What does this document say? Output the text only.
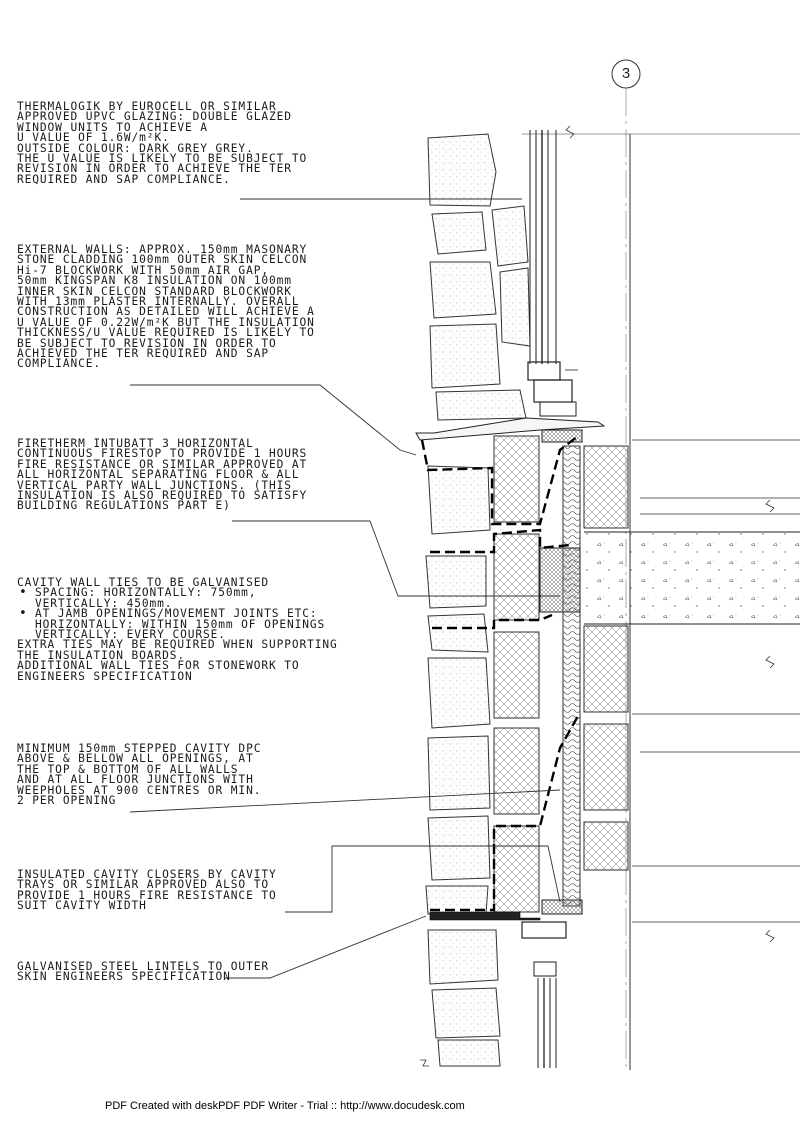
3

THERMALOGIK BY EUROCELL OR SIMILAR
APPROVED UPVC GLAZING: DOUBLE GLAZED
WINDOW UNITS TO ACHIEVE A
U VALUE OF 1.6W/m²K.
OUTSIDE COLOUR: DARK GREY GREY.
THE U VALUE IS LIKELY TO BE SUBJECT TO
REVISION IN ORDER TO ACHIEVE THE TER
REQUIRED AND SAP COMPLIANCE.

EXTERNAL WALLS: APPROX. 150mm MASONARY
STONE CLADDING 100mm OUTER SKIN CELCON
Hi-7 BLOCKWORK WITH 50mm AIR GAP,
50mm KINGSPAN K8 INSULATION ON 100mm
INNER SKIN CELCON STANDARD BLOCKWORK
WITH 13mm PLASTER INTERNALLY. OVERALL
CONSTRUCTION AS DETAILED WILL ACHIEVE A
U VALUE OF 0.22W/m²K BUT THE INSULATION
THICKNESS/U VALUE REQUIRED IS LIKELY TO
BE SUBJECT TO REVISION IN ORDER TO
ACHIEVED THE TER REQUIRED AND SAP
COMPLIANCE.

FIRETHERM INTUBATT 3 HORIZONTAL
CONTINUOUS FIRESTOP TO PROVIDE 1 HOURS
FIRE RESISTANCE OR SIMILAR APPROVED AT
ALL HORIZONTAL SEPARATING FLOOR & ALL
VERTICAL PARTY WALL JUNCTIONS. (THIS
INSULATION IS ALSO REQUIRED TO SATISFY
BUILDING REGULATIONS PART E)

CAVITY WALL TIES TO BE GALVANISED
• SPACING: HORIZONTALLY: 750mm,
VERTICALLY: 450mm.
• AT JAMB OPENINGS/MOVEMENT JOINTS ETC:
HORIZONTALLY: WITHIN 150mm OF OPENINGS
VERTICALLY: EVERY COURSE.
EXTRA TIES MAY BE REQUIRED WHEN SUPPORTING
THE INSULATION BOARDS.
ADDITIONAL WALL TIES FOR STONEWORK TO
ENGINEERS SPECIFICATION

MINIMUM 150mm STEPPED CAVITY DPC
ABOVE & BELLOW ALL OPENINGS, AT
THE TOP & BOTTOM OF ALL WALLS
AND AT ALL FLOOR JUNCTIONS WITH
WEEPHOLES AT 900 CENTRES OR MIN.
2 PER OPENING

INSULATED CAVITY CLOSERS BY CAVITY
TRAYS OR SIMILAR APPROVED ALSO TO
PROVIDE 1 HOURS FIRE RESISTANCE TO
SUIT CAVITY WIDTH

GALVANISED STEEL LINTELS TO OUTER
SKIN ENGINEERS SPECIFICATION

PDF Created with deskPDF PDF Writer - Trial :: http://www.docudesk.com
